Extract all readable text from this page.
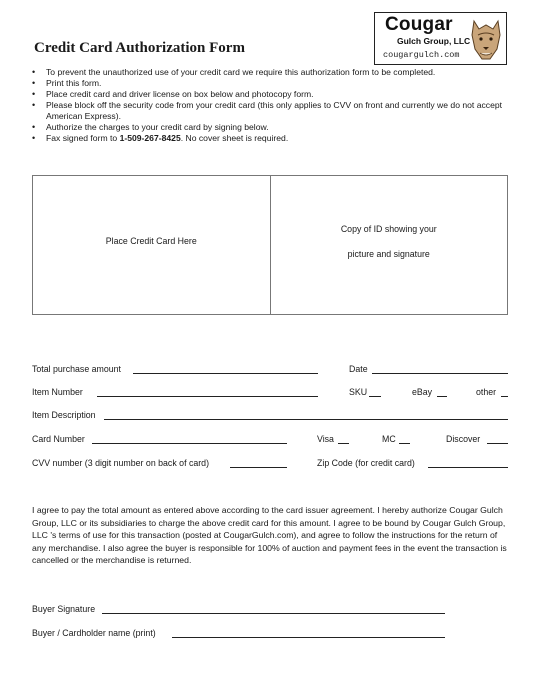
Credit Card Authorization Form
Cougar
Gulch Group, LLC
cougargulch.com
• To prevent the unauthorized use of your credit card we require this authorization form to be completed.
• Print this form.
• Place credit card and driver license on box below and photocopy form.
• Please block off the security code from your credit card (this only applies to CVV on front and currently we do not accept American Express).
• Authorize the charges to your credit card by signing below.
• Fax signed form to 1-509-267-8425. No cover sheet is required.
Place Credit Card Here
Copy of ID showing your
picture and signature
Total purchase amount	Date
Item Number	SKU	eBay	other
Item Description
Card Number	Visa	MC	Discover
CVV number (3 digit number on back of card)	Zip Code (for credit card)
I agree to pay the total amount as entered above according to the card issuer agreement. I hereby authorize Cougar Gulch Group, LLC or its subsidiaries to charge the above credit card for this amount. I agree to be bound by Cougar Gulch Group, LLC 's terms of use for this transaction (posted at CougarGulch.com), and agree to follow the instructions for the return of any merchandise. I also agree the buyer is responsible for 100% of auction and payment fees in the event the transaction is cancelled or the merchandise is returned.
Buyer Signature
Buyer / Cardholder name (print)
